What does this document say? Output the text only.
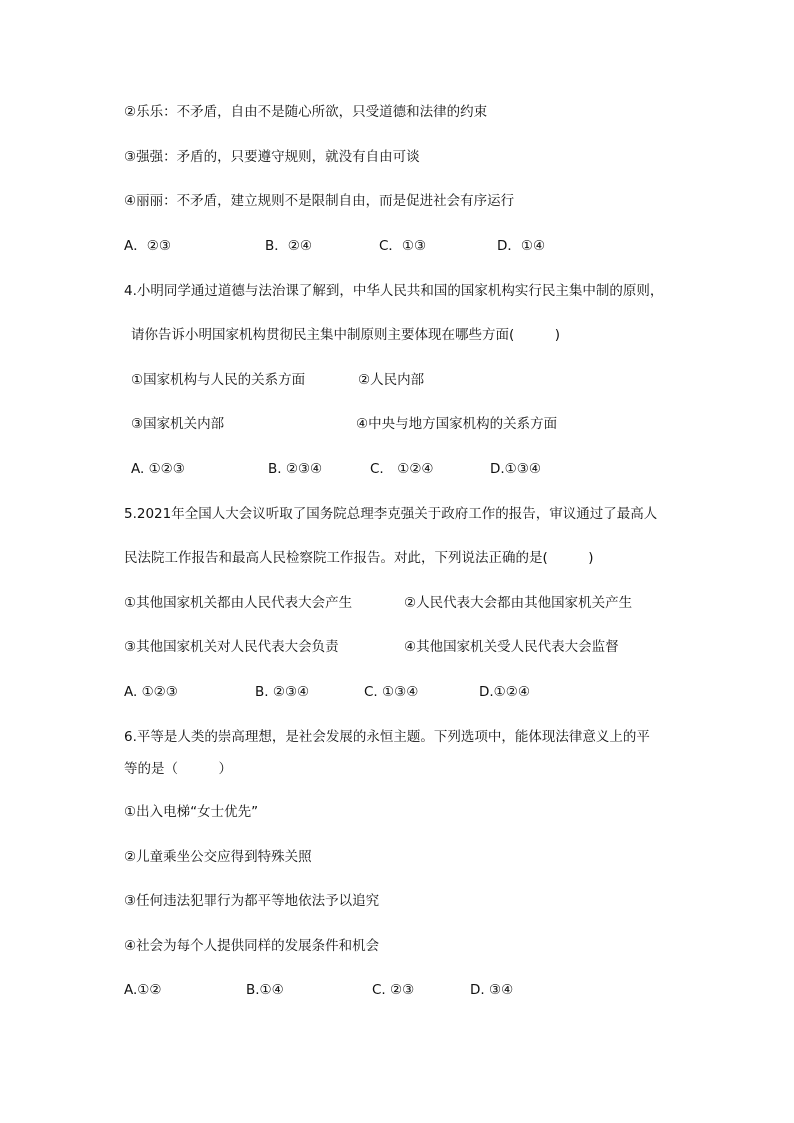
②乐乐：不矛盾，自由不是随心所欲，只受道德和法律的约束
③强强：矛盾的，只要遵守规则，就没有自由可谈
④丽丽：不矛盾，建立规则不是限制自由，而是促进社会有序运行
A．②③	B．②④	C．①③	D．①④
4.小明同学通过道德与法治课了解到，中华人民共和国的国家机构实行民主集中制的原则，
请你告诉小明国家机构贯彻民主集中制原则主要体现在哪些方面(　　　)
①国家机构与人民的关系方面	②人民内部
③国家机关内部	④中央与地方国家机构的关系方面
A. ①②③	B. ②③④	C.　①②④	D.①③④
5.2021年全国人大会议听取了国务院总理李克强关于政府工作的报告，审议通过了最高人
民法院工作报告和最高人民检察院工作报告。对此，下列说法正确的是(　　　)
①其他国家机关都由人民代表大会产生	②人民代表大会都由其他国家机关产生
③其他国家机关对人民代表大会负责	④其他国家机关受人民代表大会监督
A. ①②③	B. ②③④	C. ①③④	D.①②④
6.平等是人类的崇高理想，是社会发展的永恒主题。下列选项中，能体现法律意义上的平
等的是（　　　）
①出入电梯“女士优先”
②儿童乘坐公交应得到特殊关照
③任何违法犯罪行为都平等地依法予以追究
④社会为每个人提供同样的发展条件和机会
A.①②	B.①④	C. ②③	D. ③④
